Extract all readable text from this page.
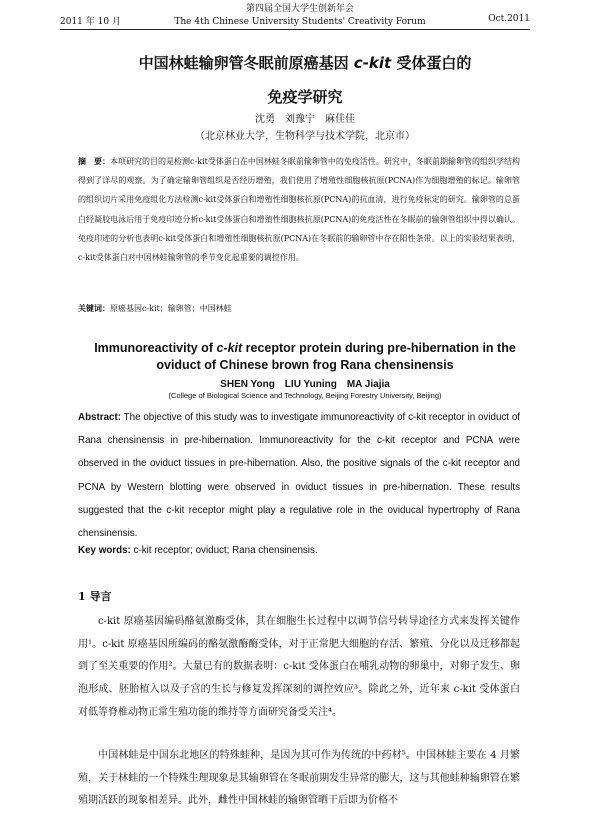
2011 年 10 月
第四届全国大学生创新年会
The 4th Chinese University Students' Creativity Forum	Oct.2011
中国林蛙输卵管冬眠前原癌基因 c-kit 受体蛋白的
免疫学研究
沈勇　刘豫宁　麻佳佳
（北京林业大学，生物科学与技术学院，北京市）
摘　要：本项研究的目的是检测c-kit受体蛋白在中国林蛙冬眠前输卵管中的免疫活性。研究中，冬眠前期输卵管的组织学结构得到了详尽的观察。为了确定输卵管组织是否经历增殖，我们使用了增殖性细胞核抗原(PCNA)作为细胞增殖的标记。输卵管的组织切片采用免疫组化方法检测c-kit受体蛋白和增殖性细胞核抗原(PCNA)的抗血清，进行免疫标定的研究。输卵管的总蛋白经凝胶电泳后用于免疫印迹分析c-kit受体蛋白和增殖性细胞核抗原(PCNA)的免疫活性在冬眠前的输卵管组织中得以确认。免疫印迹的分析也表明c-kit受体蛋白和增殖性细胞核抗原(PCNA)在冬眠前的输卵管中存在阳性条带。以上的实验结果表明，c-kit受体蛋白对中国林蛙输卵管的季节变化起重要的调控作用。
关键词：原癌基因c-kit；输卵管；中国林蛙
Immunoreactivity of c-kit receptor protein during pre-hibernation in the oviduct of Chinese brown frog Rana chensinensis
SHEN Yong　LIU Yuning　MA Jiajia
(College of Biological Science and Technology, Beijing Forestry University, Beijing)
Abstract: The objective of this study was to investigate immunoreactivity of c-kit receptor in oviduct of Rana chensinensis in pre-hibernation. Immunoreactivity for the c-kit receptor and PCNA were observed in the oviduct tissues in pre-hibernation. Also, the positive signals of the c-kit receptor and PCNA by Western blotting were observed in oviduct tissues in pre-hibernation. These results suggested that the c-kit receptor might play a regulative role in the oviducal hypertrophy of Rana chensinensis.
Key words: c-kit receptor; oviduct; Rana chensinensis.
1 导言
c-kit 原癌基因编码酪氨激酶受体，其在细胞生长过程中以调节信号转导途径方式来发挥关键作用¹。c-kit 原癌基因所编码的酪氨激酶酶受体，对于正常肥大细胞的存活、繁殖、分化以及迁移都起到了至关重要的作用²。大量已有的数据表明：c-kit 受体蛋白在哺乳动物的卵巢中，对卵子发生、卵泡形成、胚胎植入以及子宫的生长与修复发挥深刻的调控效应³。除此之外，近年来 c-kit 受体蛋白对低等脊椎动物正常生殖功能的维持等方面研究备受关注⁴。
中国林蛙是中国东北地区的特殊蛙种，是因为其可作为传统的中药材⁵。中国林蛙主要在 4 月繁殖，关于林蛙的一个特殊生理现象是其输卵管在冬眠前期发生异常的膨大，这与其他蛙种输卵管在繁殖期活跃的现象相差异。此外，雌性中国林蛙的输卵管晒干后即为价格不
